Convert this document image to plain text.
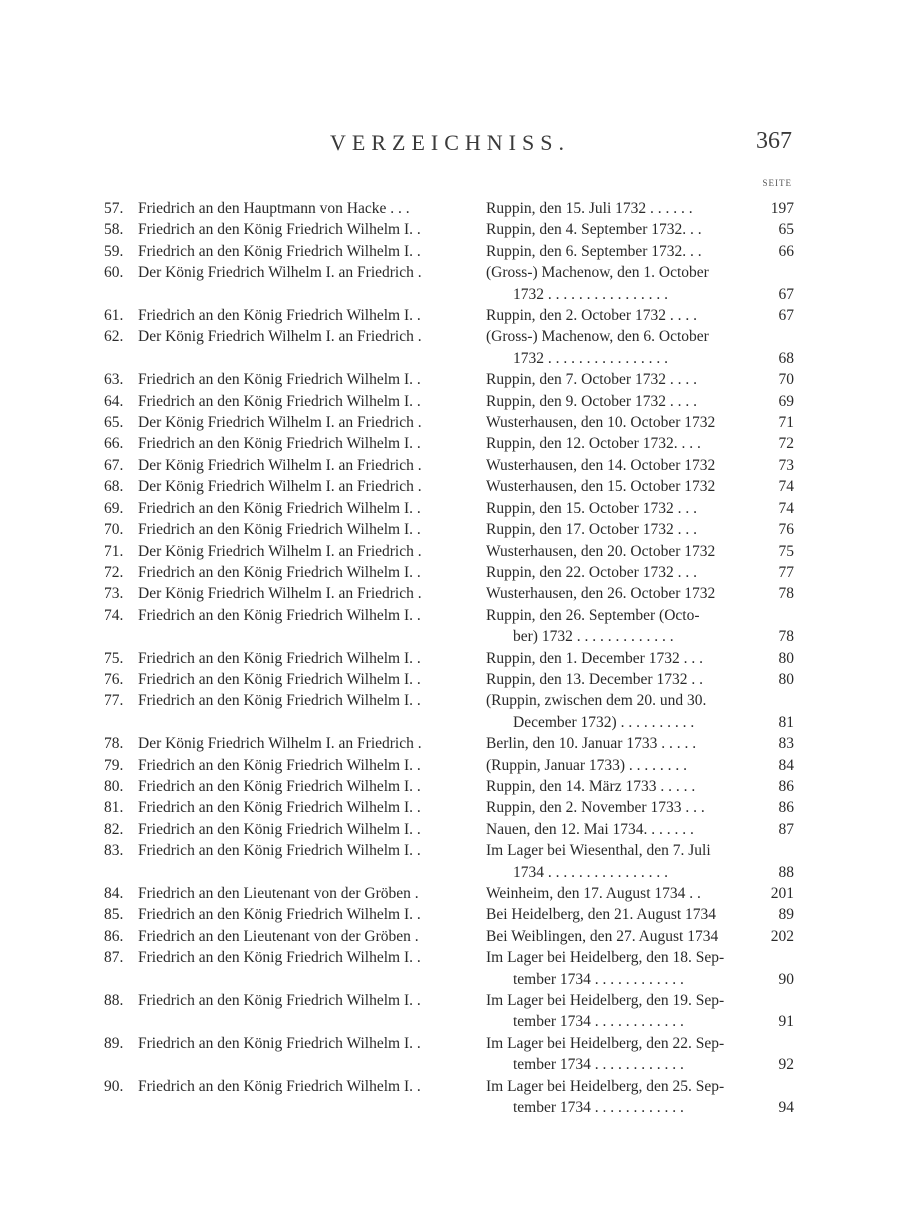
VERZEICHNISS.	367
SEITE
57. Friedrich an den Hauptmann von Hacke . . .	Ruppin, den 15. Juli 1732 . . . . . .	197
58. Friedrich an den König Friedrich Wilhelm I. .	Ruppin, den 4. September 1732. . .	65
59. Friedrich an den König Friedrich Wilhelm I. .	Ruppin, den 6. September 1732. . .	66
60. Der König Friedrich Wilhelm I. an Friedrich .	(Gross-) Machenow, den 1. October
1732 . . . . . . . . . . . . . . . .	67
61. Friedrich an den König Friedrich Wilhelm I. .	Ruppin, den 2. October 1732 . . . .	67
62. Der König Friedrich Wilhelm I. an Friedrich .	(Gross-) Machenow, den 6. October
1732 . . . . . . . . . . . . . . . .	68
63. Friedrich an den König Friedrich Wilhelm I. .	Ruppin, den 7. October 1732 . . . .	70
64. Friedrich an den König Friedrich Wilhelm I. .	Ruppin, den 9. October 1732 . . . .	69
65. Der König Friedrich Wilhelm I. an Friedrich .	Wusterhausen, den 10. October 1732	71
66. Friedrich an den König Friedrich Wilhelm I. .	Ruppin, den 12. October 1732. . . .	72
67. Der König Friedrich Wilhelm I. an Friedrich .	Wusterhausen, den 14. October 1732	73
68. Der König Friedrich Wilhelm I. an Friedrich .	Wusterhausen, den 15. October 1732	74
69. Friedrich an den König Friedrich Wilhelm I. .	Ruppin, den 15. October 1732 . . .	74
70. Friedrich an den König Friedrich Wilhelm I. .	Ruppin, den 17. October 1732 . . .	76
71. Der König Friedrich Wilhelm I. an Friedrich .	Wusterhausen, den 20. October 1732	75
72. Friedrich an den König Friedrich Wilhelm I. .	Ruppin, den 22. October 1732 . . .	77
73. Der König Friedrich Wilhelm I. an Friedrich .	Wusterhausen, den 26. October 1732	78
74. Friedrich an den König Friedrich Wilhelm I. .	Ruppin, den 26. September (Octo-
ber) 1732 . . . . . . . . . . . . .	78
75. Friedrich an den König Friedrich Wilhelm I. .	Ruppin, den 1. December 1732 . . .	80
76. Friedrich an den König Friedrich Wilhelm I. .	Ruppin, den 13. December 1732 . .	80
77. Friedrich an den König Friedrich Wilhelm I. .	(Ruppin, zwischen dem 20. und 30.
December 1732) . . . . . . . . . .	81
78. Der König Friedrich Wilhelm I. an Friedrich .	Berlin, den 10. Januar 1733 . . . . .	83
79. Friedrich an den König Friedrich Wilhelm I. .	(Ruppin, Januar 1733) . . . . . . . .	84
80. Friedrich an den König Friedrich Wilhelm I. .	Ruppin, den 14. März 1733 . . . . .	86
81. Friedrich an den König Friedrich Wilhelm I. .	Ruppin, den 2. November 1733 . . .	86
82. Friedrich an den König Friedrich Wilhelm I. .	Nauen, den 12. Mai 1734. . . . . . .	87
83. Friedrich an den König Friedrich Wilhelm I. .	Im Lager bei Wiesenthal, den 7. Juli
1734 . . . . . . . . . . . . . . . .	88
84. Friedrich an den Lieutenant von der Gröben .	Weinheim, den 17. August 1734 . .	201
85. Friedrich an den König Friedrich Wilhelm I. .	Bei Heidelberg, den 21. August 1734	89
86. Friedrich an den Lieutenant von der Gröben .	Bei Weiblingen, den 27. August 1734	202
87. Friedrich an den König Friedrich Wilhelm I. .	Im Lager bei Heidelberg, den 18. Sep-
tember 1734 . . . . . . . . . . . .	90
88. Friedrich an den König Friedrich Wilhelm I. .	Im Lager bei Heidelberg, den 19. Sep-
tember 1734 . . . . . . . . . . . .	91
89. Friedrich an den König Friedrich Wilhelm I. .	Im Lager bei Heidelberg, den 22. Sep-
tember 1734 . . . . . . . . . . . .	92
90. Friedrich an den König Friedrich Wilhelm I. .	Im Lager bei Heidelberg, den 25. Sep-
tember 1734 . . . . . . . . . . . .	94
